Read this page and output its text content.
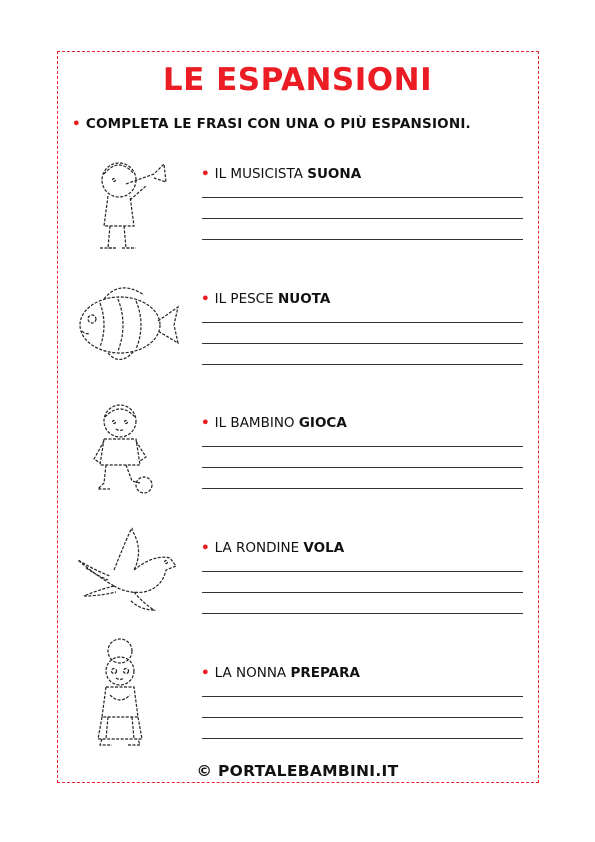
LE ESPANSIONI
• COMPLETA LE FRASI CON UNA O PIÙ ESPANSIONI.
• IL MUSICISTA SUONA
• IL PESCE NUOTA
• IL BAMBINO GIOCA
• LA RONDINE VOLA
• LA NONNA PREPARA
© PORTALEBAMBINI.IT
